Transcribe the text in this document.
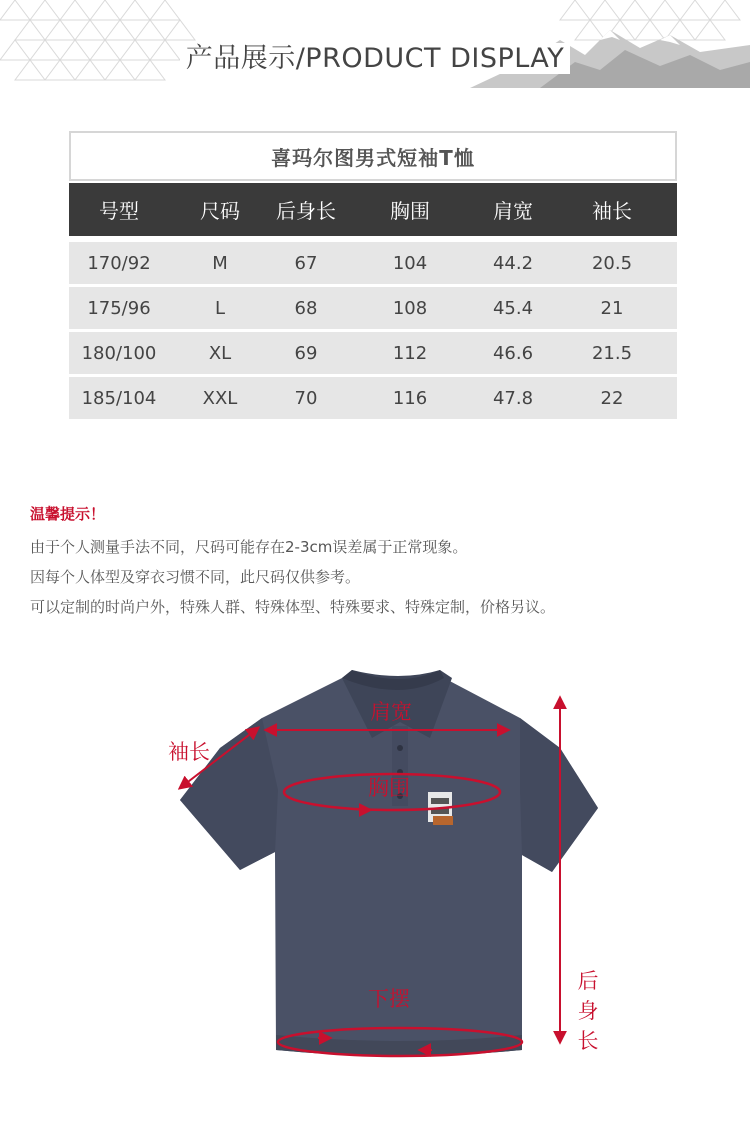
产品展示/PRODUCT DISPLAY
喜玛尔图男式短袖T恤
号型	尺码	后身长	胸围	肩宽	袖长
170/92	M	67	104	44.2	20.5
175/96	L	68	108	45.4	21
180/100	XL	69	112	46.6	21.5
185/104	XXL	70	116	47.8	22
温馨提示！
由于个人测量手法不同，尺码可能存在2-3cm误差属于正常现象。
因每个人体型及穿衣习惯不同，此尺码仅供参考。
可以定制的时尚户外，特殊人群、特殊体型、特殊要求、特殊定制，价格另议。
肩宽
袖长
胸围
下摆
后身长
